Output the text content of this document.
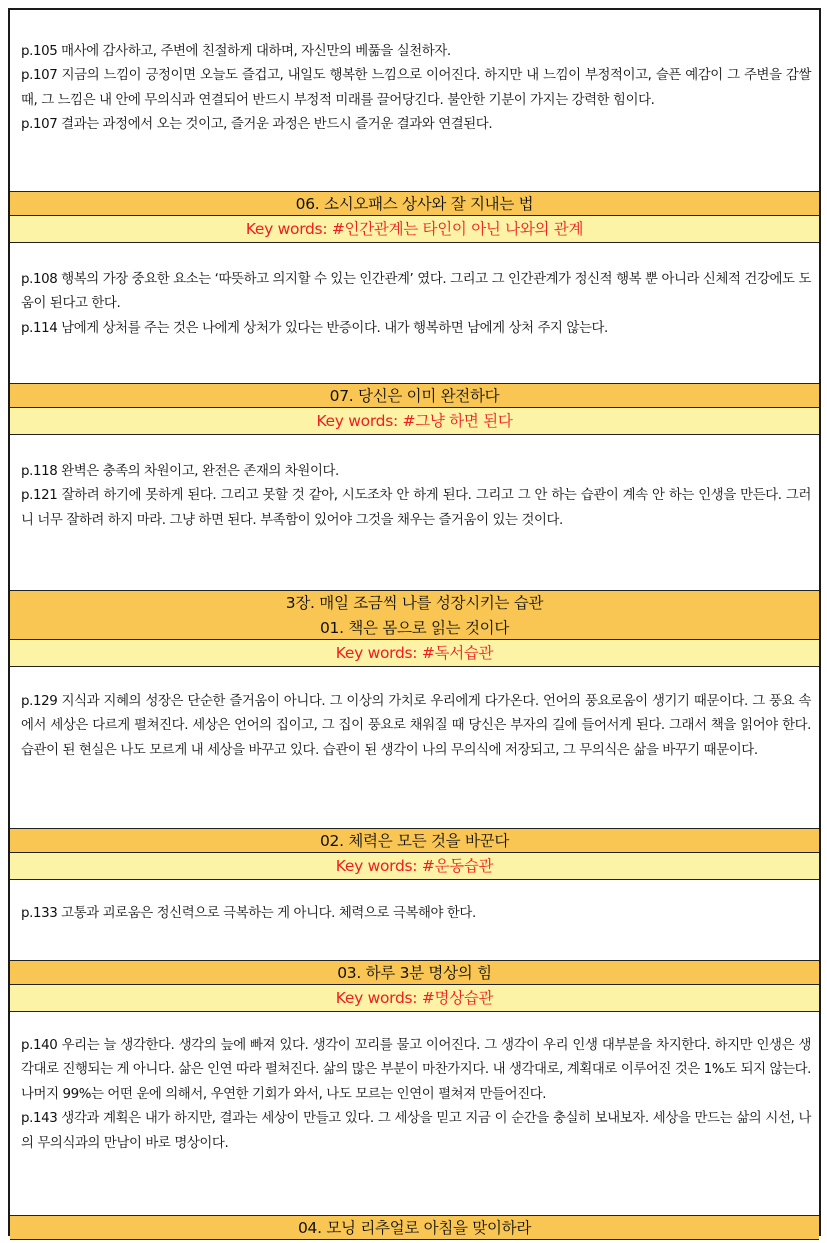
p.105 매사에 감사하고, 주변에 친절하게 대하며, 자신만의 베풂을 실천하자.

p.107 지금의 느낌이 긍정이면 오늘도 즐겁고, 내일도 행복한 느낌으로 이어진다. 하지만 내 느낌이 부정적이고, 슬픈 예감이 그 주변을 감쌀 때, 그 느낌은 내 안에 무의식과 연결되어 반드시 부정적 미래를 끌어당긴다. 불안한 기분이 가지는 강력한 힘이다.

p.107 결과는 과정에서 오는 것이고, 즐거운 과정은 반드시 즐거운 결과와 연결된다.

06. 소시오패스 상사와 잘 지내는 법
Key words: #인간관계는 타인이 아닌 나와의 관계

p.108 행복의 가장 중요한 요소는 ‘따뜻하고 의지할 수 있는 인간관계’ 였다. 그리고 그 인간관계가 정신적 행복 뿐 아니라 신체적 건강에도 도움이 된다고 한다.

p.114 남에게 상처를 주는 것은 나에게 상처가 있다는 반증이다. 내가 행복하면 남에게 상처 주지 않는다.

07. 당신은 이미 완전하다
Key words: #그냥 하면 된다

p.118 완벽은 충족의 차원이고, 완전은 존재의 차원이다.

p.121 잘하려 하기에 못하게 된다. 그리고 못할 것 같아, 시도조차 안 하게 된다. 그리고 그 안 하는 습관이 계속 안 하는 인생을 만든다. 그러니 너무 잘하려 하지 마라. 그냥 하면 된다. 부족함이 있어야 그것을 채우는 즐거움이 있는 것이다.

3장. 매일 조금씩 나를 성장시키는 습관
01. 책은 몸으로 읽는 것이다
Key words: #독서습관

p.129 지식과 지혜의 성장은 단순한 즐거움이 아니다. 그 이상의 가치로 우리에게 다가온다. 언어의 풍요로움이 생기기 때문이다. 그 풍요 속에서 세상은 다르게 펼쳐진다. 세상은 언어의 집이고, 그 집이 풍요로 채워질 때 당신은 부자의 길에 들어서게 된다. 그래서 책을 읽어야 한다. 습관이 된 현실은 나도 모르게 내 세상을 바꾸고 있다. 습관이 된 생각이 나의 무의식에 저장되고, 그 무의식은 삶을 바꾸기 때문이다.

02. 체력은 모든 것을 바꾼다
Key words: #운동습관

p.133 고통과 괴로움은 정신력으로 극복하는 게 아니다. 체력으로 극복해야 한다.

03. 하루 3분 명상의 힘
Key words: #명상습관

p.140 우리는 늘 생각한다. 생각의 늪에 빠져 있다. 생각이 꼬리를 물고 이어진다. 그 생각이 우리 인생 대부분을 차지한다. 하지만 인생은 생각대로 진행되는 게 아니다. 삶은 인연 따라 펼쳐진다. 삶의 많은 부분이 마찬가지다. 내 생각대로, 계획대로 이루어진 것은 1%도 되지 않는다. 나머지 99%는 어떤 운에 의해서, 우연한 기회가 와서, 나도 모르는 인연이 펼쳐져 만들어진다.

p.143 생각과 계획은 내가 하지만, 결과는 세상이 만들고 있다. 그 세상을 믿고 지금 이 순간을 충실히 보내보자. 세상을 만드는 삶의 시선, 나의 무의식과의 만남이 바로 명상이다.

04. 모닝 리추얼로 아침을 맞이하라
